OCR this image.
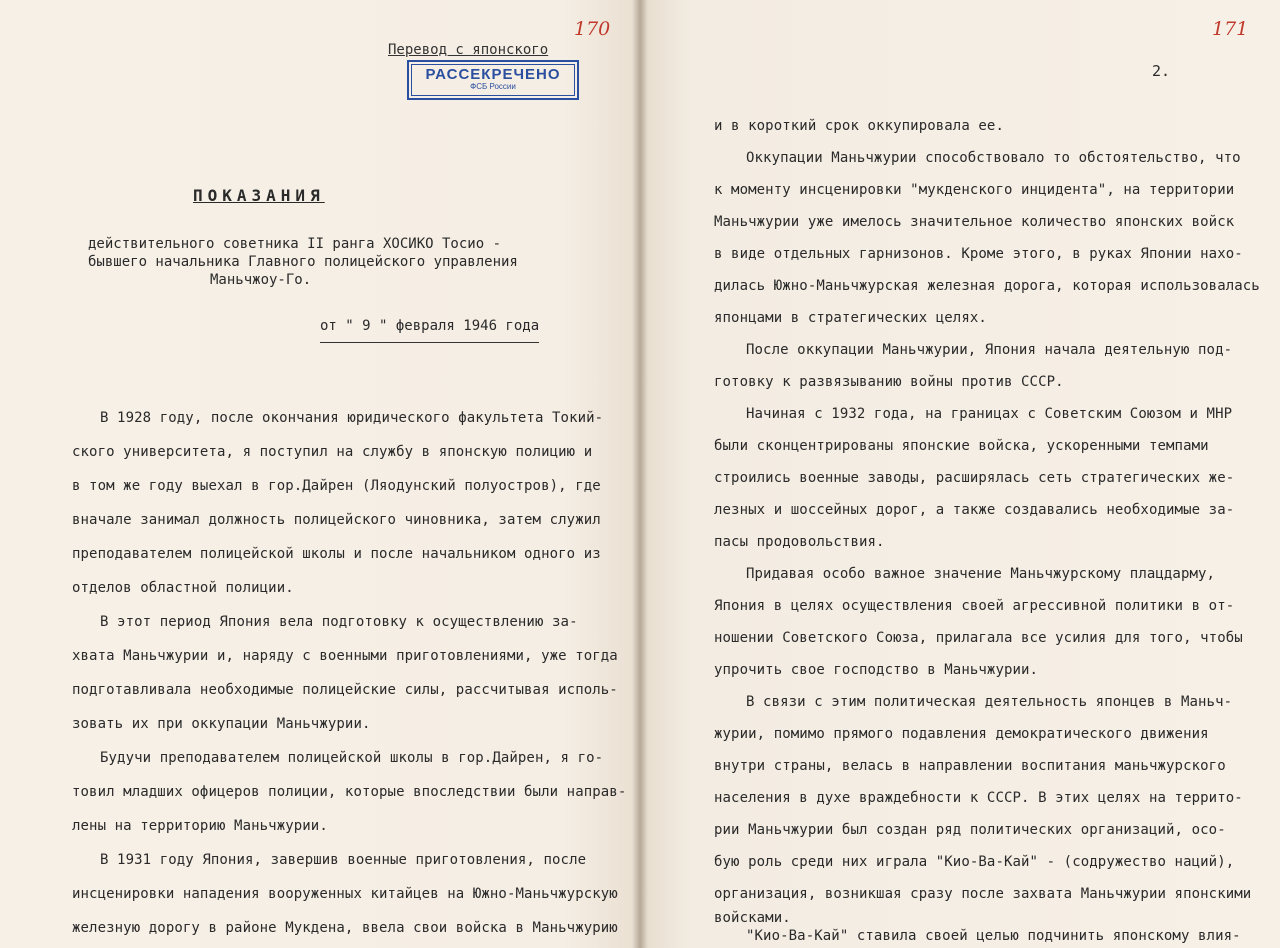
170
Перевод с японского
РАССЕКРЕЧЕНО
ФСБ России
ПОКАЗАНИЯ
действительного советника II ранга ХОСИКО Тосио -
бывшего начальника Главного полицейского управления
Маньчжоу-Го.
от " 9 " февраля 1946 года
В 1928 году, после окончания юридического факультета Токий-
ского университета, я поступил на службу в японскую полицию и
в том же году выехал в гор.Дайрен (Ляодунский полуостров), где
вначале занимал должность полицейского чиновника, затем служил
преподавателем полицейской школы и после начальником одного из
отделов областной полиции.
В этот период Япония вела подготовку к осуществлению за-
хвата Маньчжурии и, наряду с военными приготовлениями, уже тогда
подготавливала необходимые полицейские силы, рассчитывая исполь-
зовать их при оккупации Маньчжурии.
Будучи преподавателем полицейской школы в гор.Дайрен, я го-
товил младших офицеров полиции, которые впоследствии были направ-
лены на территорию Маньчжурии.
В 1931 году Япония, завершив военные приготовления, после
инсценировки нападения вооруженных китайцев на Южно-Маньчжурскую
железную дорогу в районе Мукдена, ввела свои войска в Маньчжурию
171
2.
и в короткий срок оккупировала ее.
Оккупации Маньчжурии способствовало то обстоятельство, что
к моменту инсценировки "мукденского инцидента", на территории
Маньчжурии уже имелось значительное количество японских войск
в виде отдельных гарнизонов. Кроме этого, в руках Японии нахо-
дилась Южно-Маньчжурская железная дорога, которая использовалась
японцами в стратегических целях.
После оккупации Маньчжурии, Япония начала деятельную под-
готовку к развязыванию войны против СССР.
Начиная с 1932 года, на границах с Советским Союзом и МНР
были сконцентрированы японские войска, ускоренными темпами
строились военные заводы, расширялась сеть стратегических же-
лезных и шоссейных дорог, а также создавались необходимые за-
пасы продовольствия.
Придавая особо важное значение Маньчжурскому плацдарму,
Япония в целях осуществления своей агрессивной политики в от-
ношении Советского Союза, прилагала все усилия для того, чтобы
упрочить свое господство в Маньчжурии.
В связи с этим политическая деятельность японцев в Маньч-
журии, помимо прямого подавления демократического движения
внутри страны, велась в направлении воспитания маньчжурского
населения в духе враждебности к СССР. В этих целях на террито-
рии Маньчжурии был создан ряд политических организаций, осо-
бую роль среди них играла "Кио-Ва-Кай" - (содружество наций),
организация, возникшая сразу после захвата Маньчжурии японскими
войсками.
"Кио-Ва-Кай" ставила своей целью подчинить японскому влия-
